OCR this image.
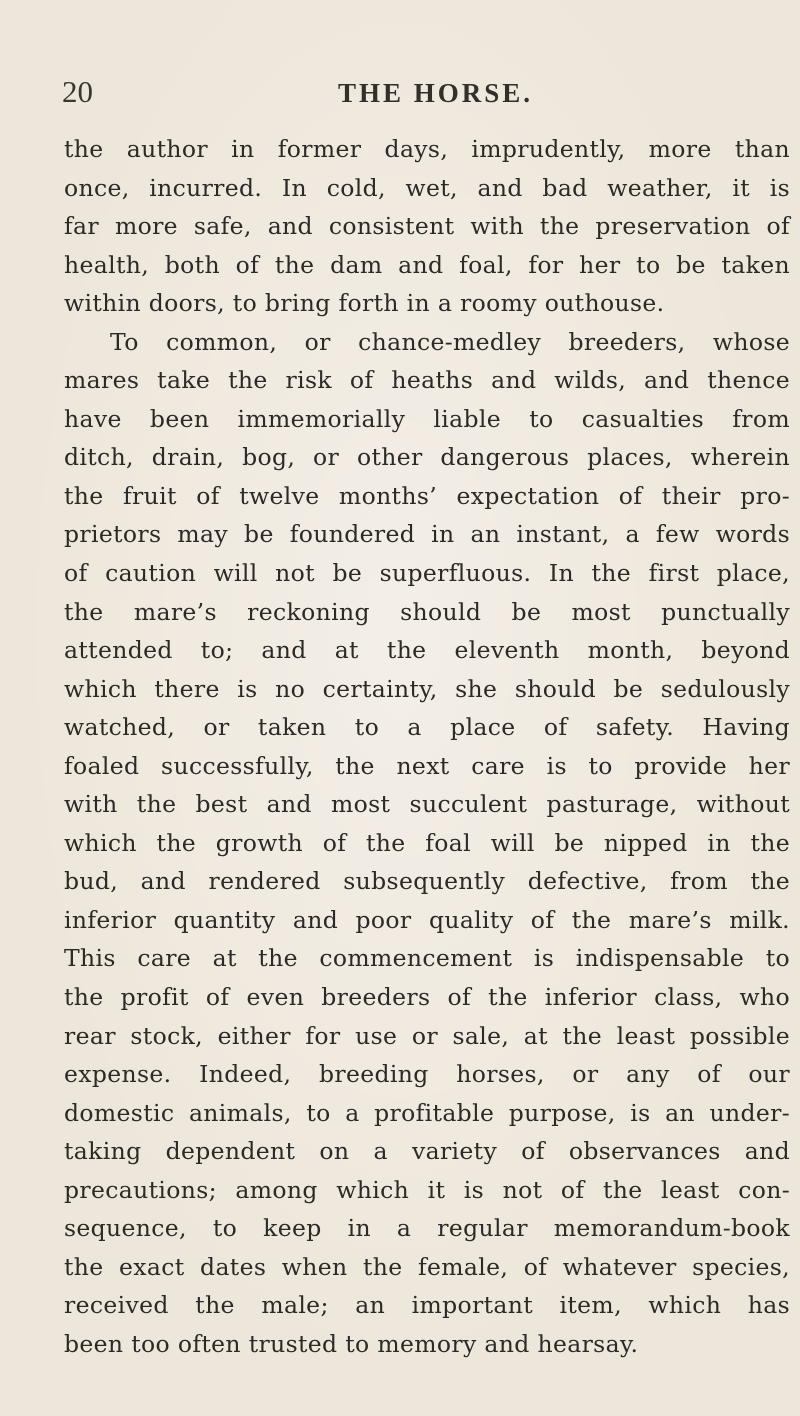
20	THE HORSE.
the author in former days, imprudently, more than
once, incurred. In cold, wet, and bad weather, it is
far more safe, and consistent with the preservation of
health, both of the dam and foal, for her to be taken
within doors, to bring forth in a roomy outhouse.
To common, or chance-medley breeders, whose
mares take the risk of heaths and wilds, and thence
have been immemorially liable to casualties from
ditch, drain, bog, or other dangerous places, wherein
the fruit of twelve months’ expectation of their pro-
prietors may be foundered in an instant, a few words
of caution will not be superfluous. In the first place,
the mare’s reckoning should be most punctually
attended to; and at the eleventh month, beyond
which there is no certainty, she should be sedulously
watched, or taken to a place of safety. Having
foaled successfully, the next care is to provide her
with the best and most succulent pasturage, without
which the growth of the foal will be nipped in the
bud, and rendered subsequently defective, from the
inferior quantity and poor quality of the mare’s milk.
This care at the commencement is indispensable to
the profit of even breeders of the inferior class, who
rear stock, either for use or sale, at the least possible
expense. Indeed, breeding horses, or any of our
domestic animals, to a profitable purpose, is an under-
taking dependent on a variety of observances and
precautions; among which it is not of the least con-
sequence, to keep in a regular memorandum-book
the exact dates when the female, of whatever species,
received the male; an important item, which has
been too often trusted to memory and hearsay.
